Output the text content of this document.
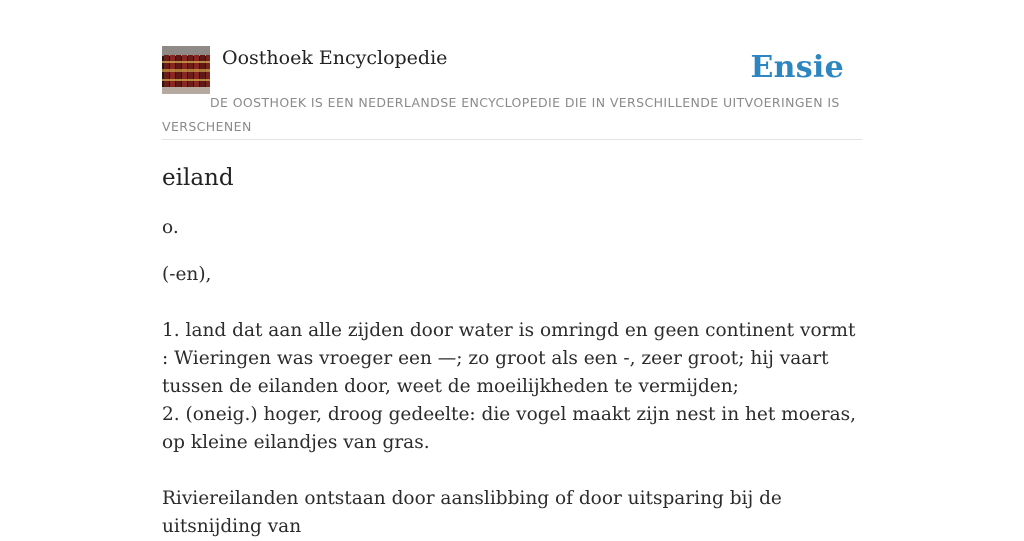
Oosthoek Encyclopedie	Ensie
DE OOSTHOEK IS EEN NEDERLANDSE ENCYCLOPEDIE DIE IN VERSCHILLENDE UITVOERINGEN IS VERSCHENEN
eiland

o.

(-en),

1. land dat aan alle zijden door water is omringd en geen continent vormt : Wieringen was vroeger een —; zo groot als een -, zeer groot; hij vaart tussen de eilanden door, weet de moeilijkheden te vermijden;

2. (oneig.) hoger, droog gedeelte: die vogel maakt zijn nest in het moeras, op kleine eilandjes van gras.

Riviereilanden ontstaan door aanslibbing of door uitsparing bij de uitsnijding van
